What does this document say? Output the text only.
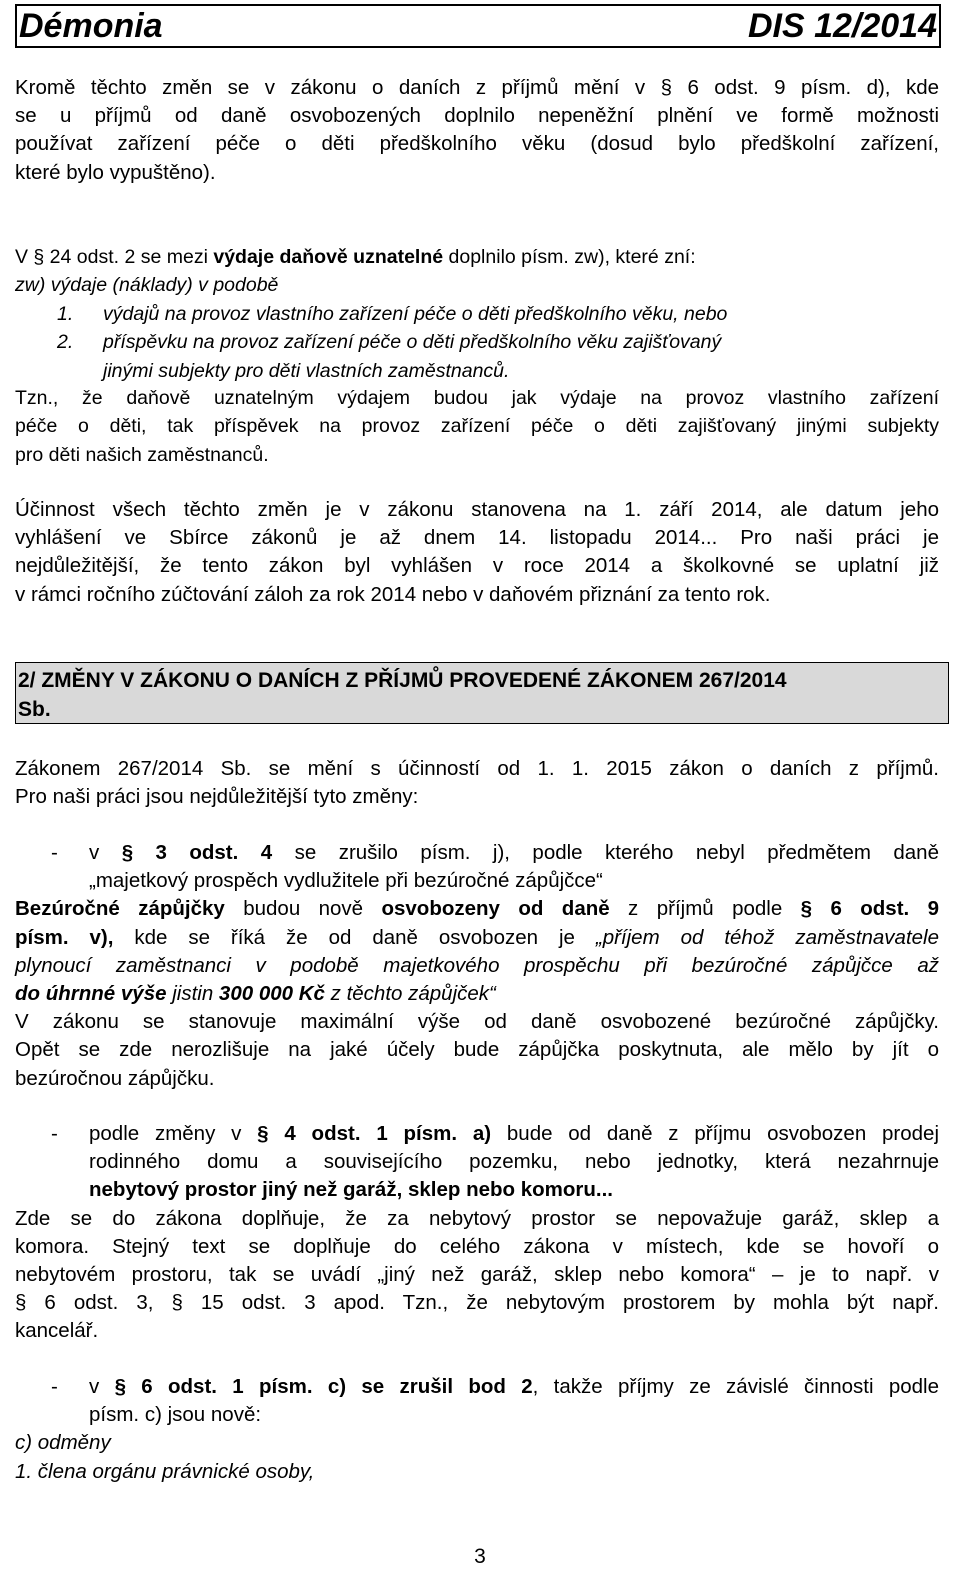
Démonia	DIS 12/2014
Kromě těchto změn se v zákonu o daních z příjmů mění v § 6 odst. 9 písm. d), kde
se u příjmů od daně osvobozených doplnilo nepeněžní plnění ve formě možnosti
používat zařízení péče o děti předškolního věku (dosud bylo předškolní zařízení,
které bylo vypuštěno).
V § 24 odst. 2 se mezi výdaje daňově uznatelné doplnilo písm. zw), které zní:
zw) výdaje (náklady) v podobě
1. výdajů na provoz vlastního zařízení péče o děti předškolního věku, nebo
2. příspěvku na provoz zařízení péče o děti předškolního věku zajišťovaný
jinými subjekty pro děti vlastních zaměstnanců.
Tzn., že daňově uznatelným výdajem budou jak výdaje na provoz vlastního zařízení
péče o děti, tak příspěvek na provoz zařízení péče o děti zajišťovaný jinými subjekty
pro děti našich zaměstnanců.
Účinnost všech těchto změn je v zákonu stanovena na 1. září 2014, ale datum jeho
vyhlášení ve Sbírce zákonů je až dnem 14. listopadu 2014... Pro naši práci je
nejdůležitější, že tento zákon byl vyhlášen v roce 2014 a školkovné se uplatní již
v rámci ročního zúčtování záloh za rok 2014 nebo v daňovém přiznání za tento rok.
2/ ZMĚNY V ZÁKONU O DANÍCH Z PŘÍJMŮ PROVEDENÉ ZÁKONEM 267/2014
Sb.
Zákonem 267/2014 Sb. se mění s účinností od 1. 1. 2015 zákon o daních z příjmů.
Pro naši práci jsou nejdůležitější tyto změny:
- v § 3 odst. 4 se zrušilo písm. j), podle kterého nebyl předmětem daně
„majetkový prospěch vydlužitele při bezúročné zápůjčce“
Bezúročné zápůjčky budou nově osvobozeny od daně z příjmů podle § 6 odst. 9
písm. v), kde se říká že od daně osvobozen je „příjem od téhož zaměstnavatele
plynoucí zaměstnanci v podobě majetkového prospěchu při bezúročné zápůjčce až
do úhrnné výše jistin 300 000 Kč z těchto zápůjček“
V zákonu se stanovuje maximální výše od daně osvobozené bezúročné zápůjčky.
Opět se zde nerozlišuje na jaké účely bude zápůjčka poskytnuta, ale mělo by jít o
bezúročnou zápůjčku.
- podle změny v § 4 odst. 1 písm. a) bude od daně z příjmu osvobozen prodej
rodinného domu a souvisejícího pozemku, nebo jednotky, která nezahrnuje
nebytový prostor jiný než garáž, sklep nebo komoru...
Zde se do zákona doplňuje, že za nebytový prostor se nepovažuje garáž, sklep a
komora. Stejný text se doplňuje do celého zákona v místech, kde se hovoří o
nebytovém prostoru, tak se uvádí „jiný než garáž, sklep nebo komora“ – je to např. v
§ 6 odst. 3, § 15 odst. 3 apod. Tzn., že nebytovým prostorem by mohla být např.
kancelář.
- v § 6 odst. 1 písm. c) se zrušil bod 2, takže příjmy ze závislé činnosti podle
písm. c) jsou nově:
c) odměny
1. člena orgánu právnické osoby,
3
